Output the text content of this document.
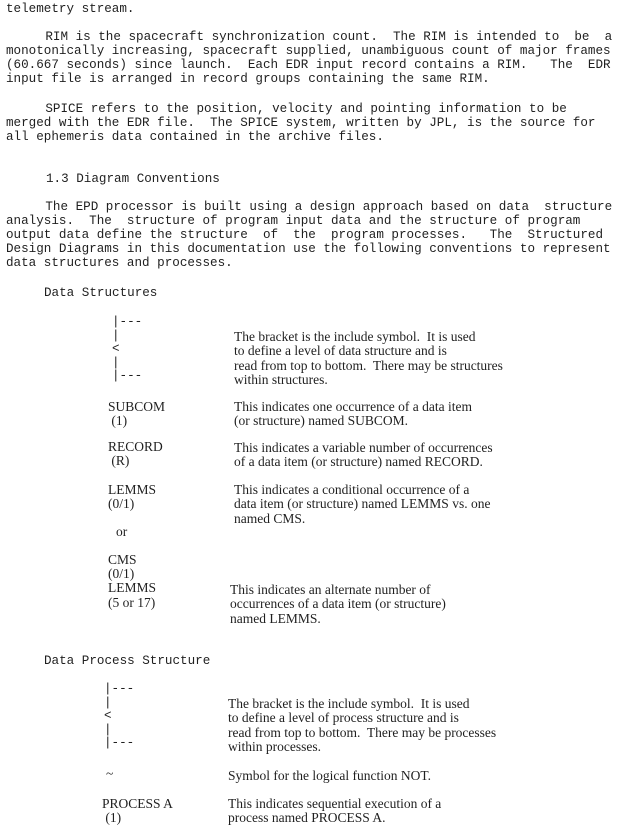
telemetry stream.
RIM is the spacecraft synchronization count.  The RIM is intended to  be  a
monotonically increasing, spacecraft supplied, unambiguous count of major frames
(60.667 seconds) since launch.  Each EDR input record contains a RIM.   The  EDR
input file is arranged in record groups containing the same RIM.
SPICE refers to the position, velocity and pointing information to be
merged with the EDR file.  The SPICE system, written by JPL, is the source for
all ephemeris data contained in the archive files.
1.3 Diagram Conventions
The EPD processor is built using a design approach based on data  structure
analysis.  The  structure of program input data and the structure of program
output data define the structure  of  the  program processes.   The  Structured
Design Diagrams in this documentation use the following conventions to represent
data structures and processes.
Data Structures
|---
|
<
|
|---
The bracket is the include symbol.  It is used
to define a level of data structure and is
read from top to bottom.  There may be structures
within structures.
SUBCOM
(1)
This indicates one occurrence of a data item
(or structure) named SUBCOM.
RECORD
(R)
This indicates a variable number of occurrences
of a data item (or structure) named RECORD.
LEMMS
(0/1)
This indicates a conditional occurrence of a
data item (or structure) named LEMMS vs. one
named CMS.
or
CMS
(0/1)
LEMMS
(5 or 17)
This indicates an alternate number of
occurrences of a data item (or structure)
named LEMMS.
Data Process Structure
|---
|
<
|
|---
The bracket is the include symbol.  It is used
to define a level of process structure and is
read from top to bottom.  There may be processes
within processes.
~	Symbol for the logical function NOT.
PROCESS A
(1)
This indicates sequential execution of a
process named PROCESS A.
